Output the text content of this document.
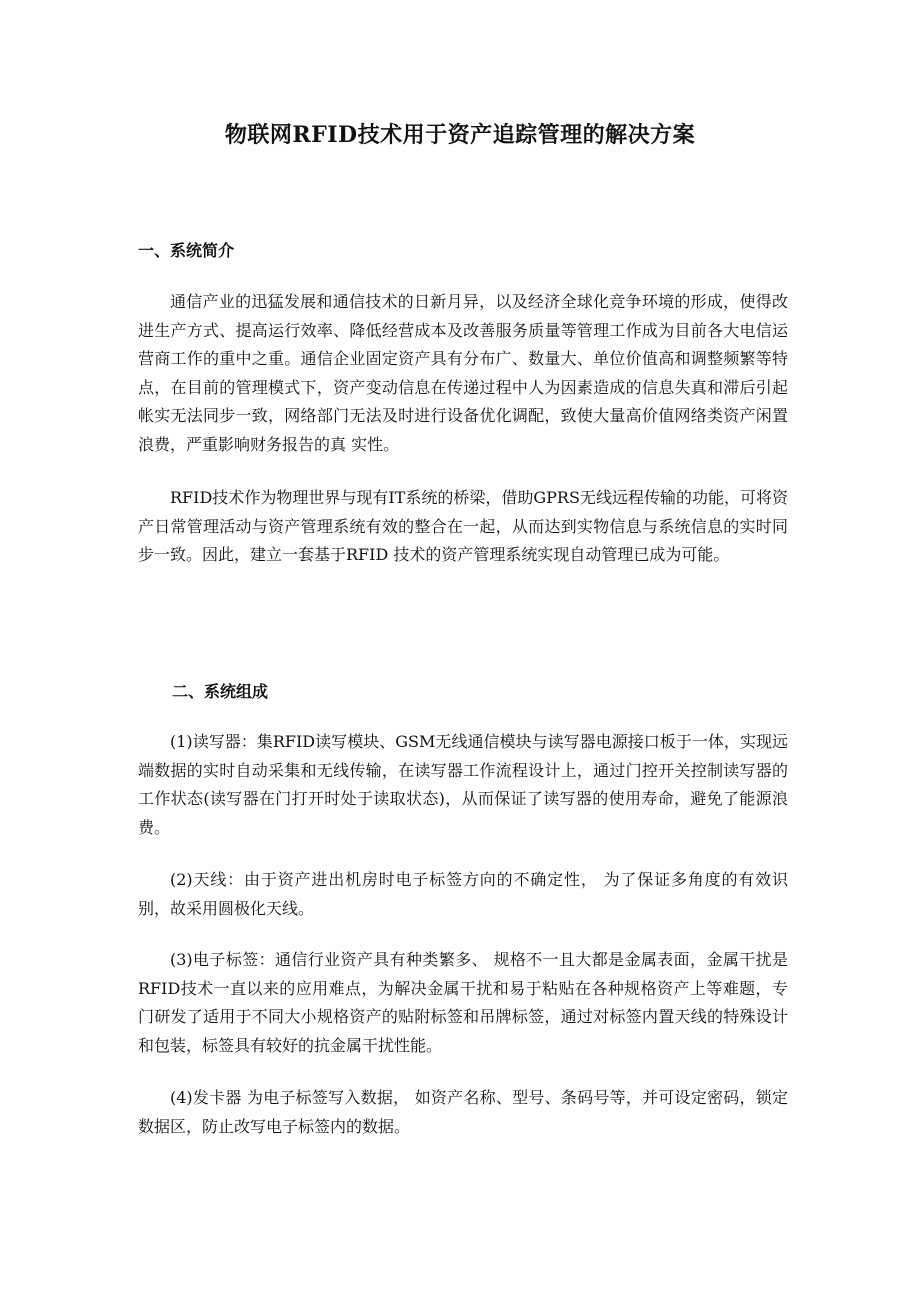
物联网RFID技术用于资产追踪管理的解决方案
一、系统简介

通信产业的迅猛发展和通信技术的日新月异，以及经济全球化竞争环境的形成，使得改进生产方式、提高运行效率、降低经营成本及改善服务质量等管理工作成为目前各大电信运营商工作的重中之重。通信企业固定资产具有分布广、数量大、单位价值高和调整频繁等特点，在目前的管理模式下，资产变动信息在传递过程中人为因素造成的信息失真和滞后引起帐实无法同步一致，网络部门无法及时进行设备优化调配，致使大量高价值网络类资产闲置浪费，严重影响财务报告的真 实性。

RFID技术作为物理世界与现有IT系统的桥梁，借助GPRS无线远程传输的功能，可将资产日常管理活动与资产管理系统有效的整合在一起，从而达到实物信息与系统信息的实时同步一致。因此，建立一套基于RFID 技术的资产管理系统实现自动管理已成为可能。

二、系统组成

(1)读写器：集RFID读写模块、GSM无线通信模块与读写器电源接口板于一体，实现远端数据的实时自动采集和无线传输，在读写器工作流程设计上，通过门控开关控制读写器的工作状态(读写器在门打开时处于读取状态)，从而保证了读写器的使用寿命，避免了能源浪费。

(2)天线：由于资产进出机房时电子标签方向的不确定性， 为了保证多角度的有效识别，故采用圆极化天线。

(3)电子标签：通信行业资产具有种类繁多、 规格不一且大都是金属表面，金属干扰是RFID技术一直以来的应用难点，为解决金属干扰和易于粘贴在各种规格资产上等难题，专门研发了适用于不同大小规格资产的贴附标签和吊牌标签，通过对标签内置天线的特殊设计和包装，标签具有较好的抗金属干扰性能。

(4)发卡器 为电子标签写入数据， 如资产名称、型号、条码号等，并可设定密码，锁定数据区，防止改写电子标签内的数据。
